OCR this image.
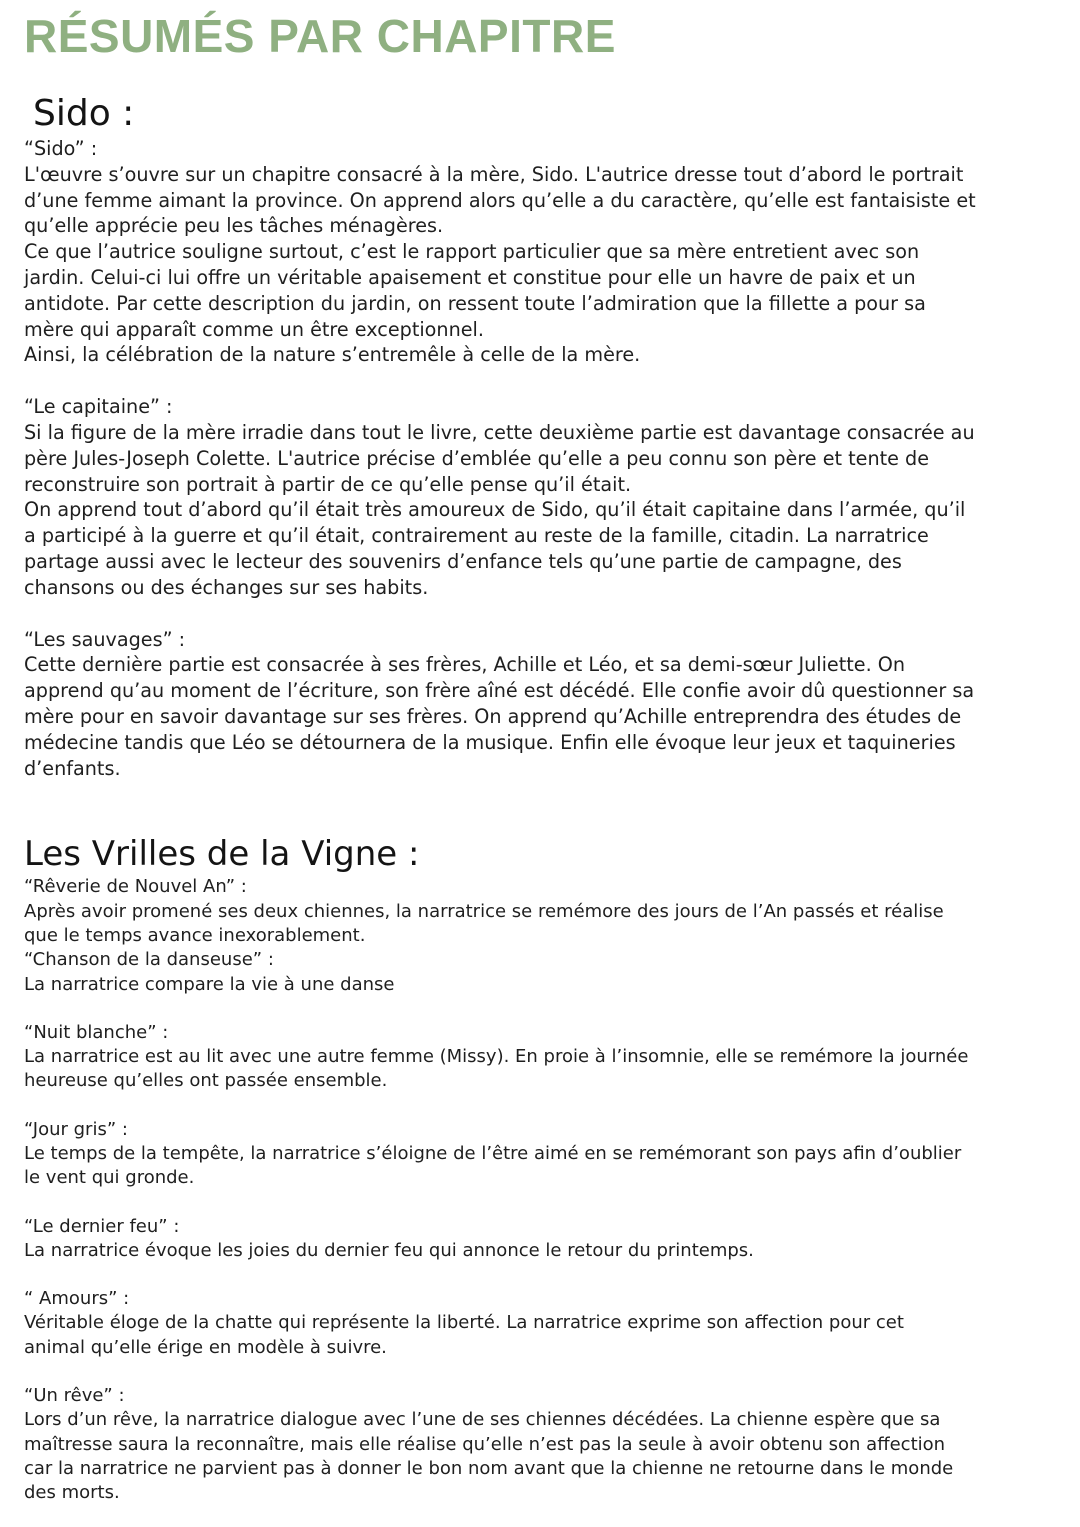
RÉSUMÉS PAR CHAPITRE
Sido :

“Sido” :

L'œuvre s’ouvre sur un chapitre consacré à la mère, Sido. L'autrice dresse tout d’abord le portrait
d’une femme aimant la province. On apprend alors qu’elle a du caractère, qu’elle est fantaisiste et
qu’elle apprécie peu les tâches ménagères.
Ce que l’autrice souligne surtout, c’est le rapport particulier que sa mère entretient avec son
jardin. Celui-ci lui offre un véritable apaisement et constitue pour elle un havre de paix et un
antidote. Par cette description du jardin, on ressent toute l’admiration que la fillette a pour sa
mère qui apparaît comme un être exceptionnel.
Ainsi, la célébration de la nature s’entremêle à celle de la mère.

“Le capitaine” :

Si la figure de la mère irradie dans tout le livre, cette deuxième partie est davantage consacrée au
père Jules-Joseph Colette. L'autrice précise d’emblée qu’elle a peu connu son père et tente de
reconstruire son portrait à partir de ce qu’elle pense qu’il était.
On apprend tout d’abord qu’il était très amoureux de Sido, qu’il était capitaine dans l’armée, qu’il
a participé à la guerre et qu’il était, contrairement au reste de la famille, citadin. La narratrice
partage aussi avec le lecteur des souvenirs d’enfance tels qu’une partie de campagne, des
chansons ou des échanges sur ses habits.

“Les sauvages” :

Cette dernière partie est consacrée à ses frères, Achille et Léo, et sa demi-sœur Juliette. On
apprend qu’au moment de l’écriture, son frère aîné est décédé. Elle confie avoir dû questionner sa
mère pour en savoir davantage sur ses frères. On apprend qu’Achille entreprendra des études de
médecine tandis que Léo se détournera de la musique. Enfin elle évoque leur jeux et taquineries
d’enfants.

Les Vrilles de la Vigne :

“Rêverie de Nouvel An” :

Après avoir promené ses deux chiennes, la narratrice se remémore des jours de l’An passés et réalise
que le temps avance inexorablement.

“Chanson de la danseuse” :

La narratrice compare la vie à une danse

“Nuit blanche” :

La narratrice est au lit avec une autre femme (Missy). En proie à l’insomnie, elle se remémore la journée
heureuse qu’elles ont passée ensemble.

“Jour gris” :

Le temps de la tempête, la narratrice s’éloigne de l’être aimé en se remémorant son pays afin d’oublier
le vent qui gronde.

“Le dernier feu” :

La narratrice évoque les joies du dernier feu qui annonce le retour du printemps.

“ Amours” :

Véritable éloge de la chatte qui représente la liberté. La narratrice exprime son affection pour cet
animal qu’elle érige en modèle à suivre.

“Un rêve” :

Lors d’un rêve, la narratrice dialogue avec l’une de ses chiennes décédées. La chienne espère que sa
maîtresse saura la reconnaître, mais elle réalise qu’elle n’est pas la seule à avoir obtenu son affection
car la narratrice ne parvient pas à donner le bon nom avant que la chienne ne retourne dans le monde
des morts.
